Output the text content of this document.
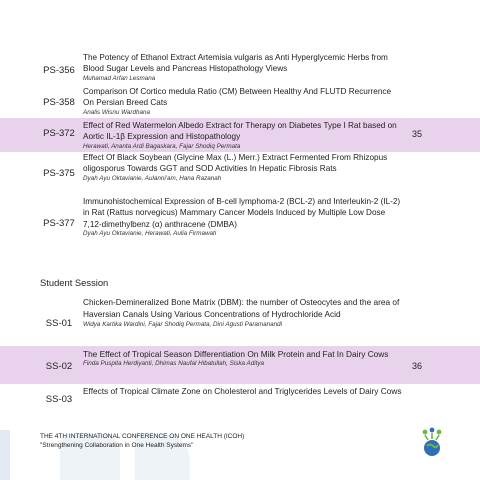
PS-356
The Potency of Ethanol Extract Artemisia vulgaris as Anti Hyperglycemic Herbs from Blood Sugar Levels and Pancreas Histopathology Views
Muhamad Arfan Lesmana
PS-358
Comparison Of Cortico medula Ratio (CM) Between Healthy And FLUTD Recurrence On Persian Breed Cats
Analis Wisnu Wardhana
PS-372
Effect of Red Watermelon Albedo Extract for Therapy on Diabetes Type I Rat based on Aortic IL-1β Expression and Histopathology
Herawati, Ananta Ardi Bagaskara, Fajar Shodiq Permata
35
PS-375
Effect Of Black Soybean (Glycine Max (L.) Merr.) Extract Fermented From Rhizopus oligosporus Towards GGT and SOD Activities In Hepatic Fibrosis Rats
Dyah Ayu Oktavianie, Aulanni'am, Hana Razanah
PS-377
Immunohistochemical Expression of B-cell lymphoma-2 (BCL-2) and Interleukin-2 (IL-2) in Rat (Rattus norvegicus) Mammary Cancer Models Induced by Multiple Low Dose 7,12-dimethylbenz (α) anthracene (DMBA)
Dyah Ayu Oktavianie, Herawati, Aulia Firmawati
Student Session
SS-01
Chicken-Demineralized Bone Matrix (DBM): the number of Osteocytes and the area of Haversian Canals Using Various Concentrations of Hydrochloride Acid
Widya Kartika Wardini, Fajar Shodiq Permata, Dini Agusti Paramanandi
SS-02
The Effect of Tropical Season Differentiation On Milk Protein and Fat In Dairy Cows
Finda Puspita Herdiyanti, Dhimas Naufal Hibatullah, Siska Aditya	36
SS-03
Effects of Tropical Climate Zone on Cholesterol and Triglycerides Levels of Dairy Cows
THE 4TH INTERNATIONAL CONFERENCE ON ONE HEALTH (ICOH)
"Strengthening Collaboration in One Health Systems"
